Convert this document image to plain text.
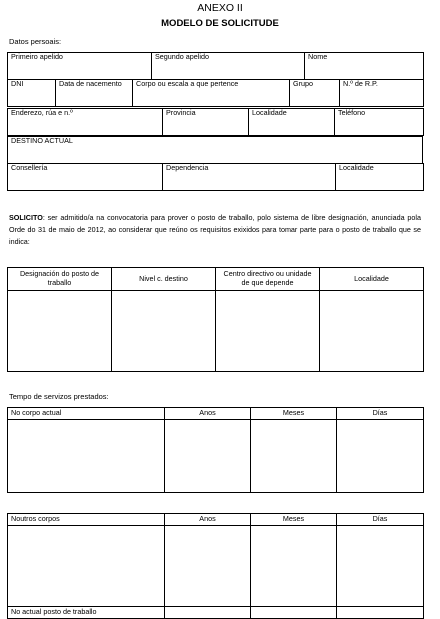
ANEXO II
MODELO DE SOLICITUDE
Datos persoais:
Primeiro apelido			Segundo apelido		Nome	
DNI	Data de nacemento	Corpo ou escala a que pertence		Grupo		N.º de R.P.
Enderezo, rúa e n.º	Provincia	Localidade	Teléfono
DESTINO ACTUAL
Consellería	Dependencia	Localidade
SOLICITO: ser admitido/a na convocatoria para prover o posto de traballo, polo sistema de libre designación, anunciada pola Orde do 31 de maio de 2012, ao considerar que reúno os requisitos exixidos para tomar parte para o posto de traballo que se indica:
Designación do posto de traballo	Nivel c. destino	Centro directivo ou unidade de que depende	Localidade

Tempo de servizos prestados:
No corpo actual	Anos	Meses	Días

Noutros corpos	Anos	Meses	Días

No actual posto de traballo			
